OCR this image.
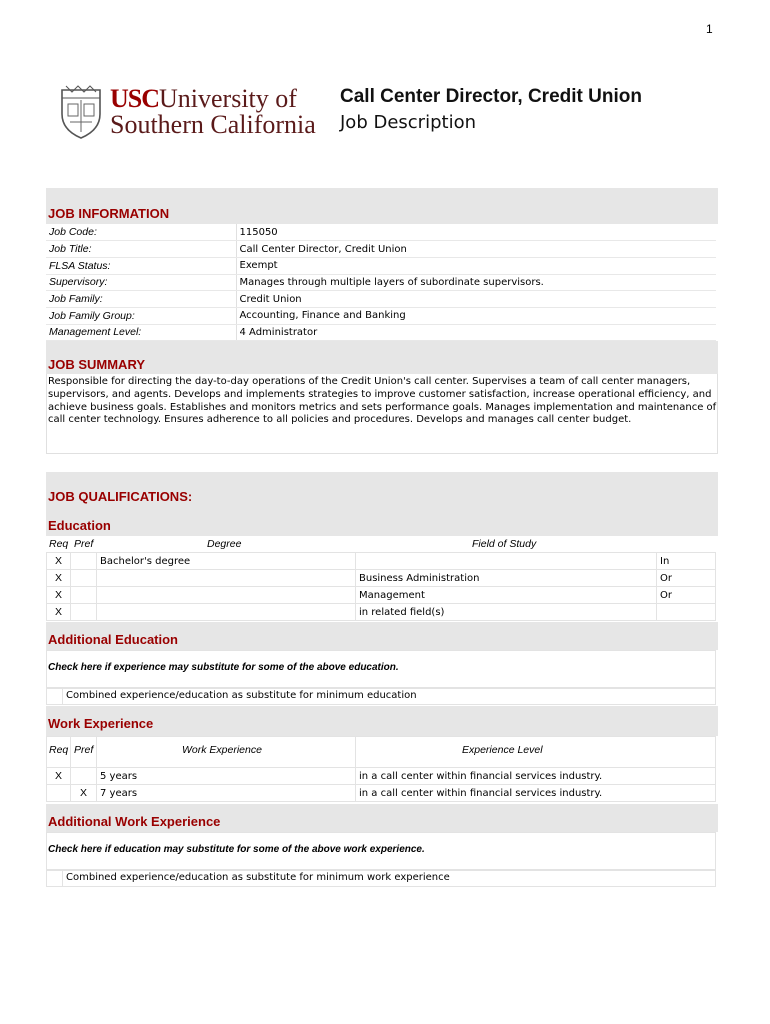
1
USCUniversity of
Southern California
Call Center Director, Credit Union
Job Description
JOB INFORMATION
Job Code:	115050
Job Title:	Call Center Director, Credit Union
FLSA Status:	Exempt
Supervisory:	Manages through multiple layers of subordinate supervisors.
Job Family:	Credit Union
Job Family Group:	Accounting, Finance and Banking
Management Level:	4 Administrator
JOB SUMMARY
Responsible for directing the day-to-day operations of the Credit Union's call center. Supervises a team of call center managers, supervisors, and agents. Develops and implements strategies to improve customer satisfaction, increase operational efficiency, and achieve business goals. Establishes and monitors metrics and sets performance goals. Manages implementation and maintenance of call center technology. Ensures adherence to all policies and procedures. Develops and manages call center budget.
JOB QUALIFICATIONS:
Education
Req Pref	Degree	Field of Study
X		Bachelor's degree		In
X			Business Administration	Or
X			Management	Or
X			in related field(s)	
Additional Education
Check here if experience may substitute for some of the above education.
Combined experience/education as substitute for minimum education
Work Experience

Req Pref	Work Experience	Experience Level
X		5 years	in a call center within financial services industry.
	X	7 years	in a call center within financial services industry.
Additional Work Experience
Check here if education may substitute for some of the above work experience.
Combined experience/education as substitute for minimum work experience
